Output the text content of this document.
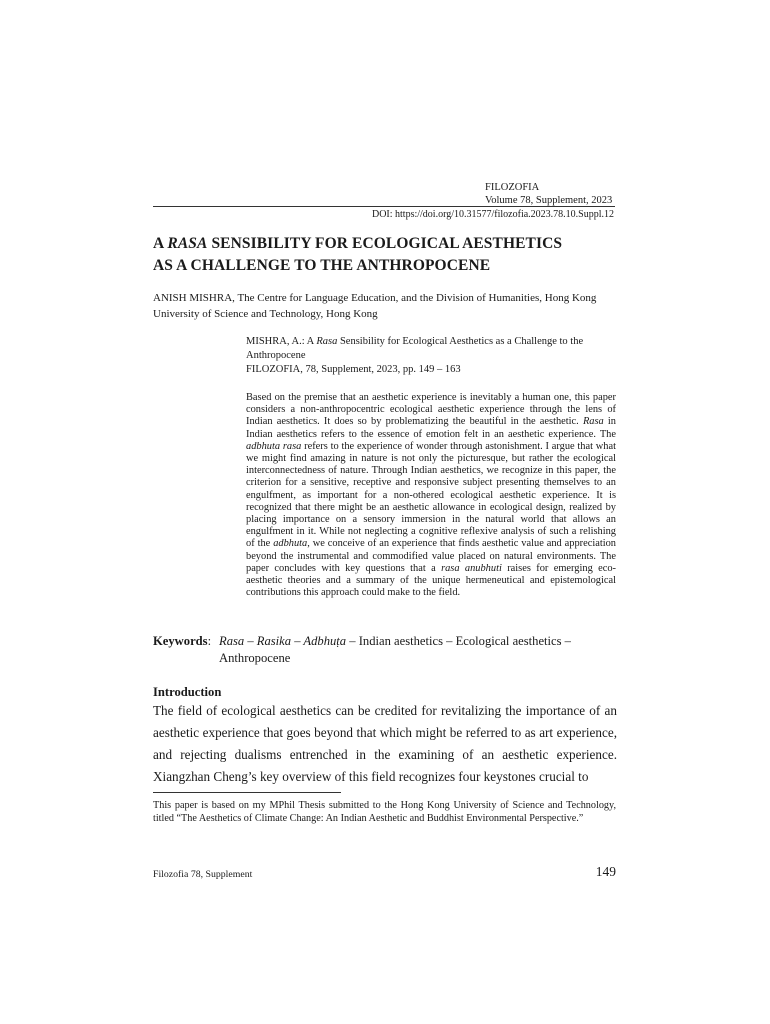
FILOZOFIA
Volume 78, Supplement, 2023
DOI: https://doi.org/10.31577/filozofia.2023.78.10.Suppl.12
A RASA SENSIBILITY FOR ECOLOGICAL AESTHETICS
AS A CHALLENGE TO THE ANTHROPOCENE
ANISH MISHRA, The Centre for Language Education, and the Division of Humanities, Hong Kong University of Science and Technology, Hong Kong
MISHRA, A.: A Rasa Sensibility for Ecological Aesthetics as a Challenge to the Anthropocene
FILOZOFIA, 78, Supplement, 2023, pp. 149 – 163
Based on the premise that an aesthetic experience is inevitably a human one, this paper considers a non-anthropocentric ecological aesthetic experience through the lens of Indian aesthetics. It does so by problematizing the beautiful in the aesthetic. Rasa in Indian aesthetics refers to the essence of emotion felt in an aesthetic experience. The adbhuta rasa refers to the experience of wonder through astonishment. I argue that what we might find amazing in nature is not only the picturesque, but rather the ecological interconnectedness of nature. Through Indian aesthetics, we recognize in this paper, the criterion for a sensitive, receptive and responsive subject presenting themselves to an engulfment, as important for a non-othered ecological aesthetic experience. It is recognized that there might be an aesthetic allowance in ecological design, realized by placing importance on a sensory immersion in the natural world that allows an engulfment in it. While not neglecting a cognitive reflexive analysis of such a relishing of the adbhuta, we conceive of an experience that finds aesthetic value and appreciation beyond the instrumental and commodified value placed on natural environments. The paper concludes with key questions that a rasa anubhuti raises for emerging eco-aesthetic theories and a summary of the unique hermeneutical and epistemological contributions this approach could make to the field.
Keywords: Rasa – Rasika – Adbhuṭa – Indian aesthetics – Ecological aesthetics – Anthropocene
Introduction
The field of ecological aesthetics can be credited for revitalizing the importance of an aesthetic experience that goes beyond that which might be referred to as art experience, and rejecting dualisms entrenched in the examining of an aesthetic experience. Xiangzhan Cheng’s key overview of this field recognizes four keystones crucial to
This paper is based on my MPhil Thesis submitted to the Hong Kong University of Science and Technology, titled “The Aesthetics of Climate Change: An Indian Aesthetic and Buddhist Environmental Perspective.”
Filozofia 78, Supplement	149
